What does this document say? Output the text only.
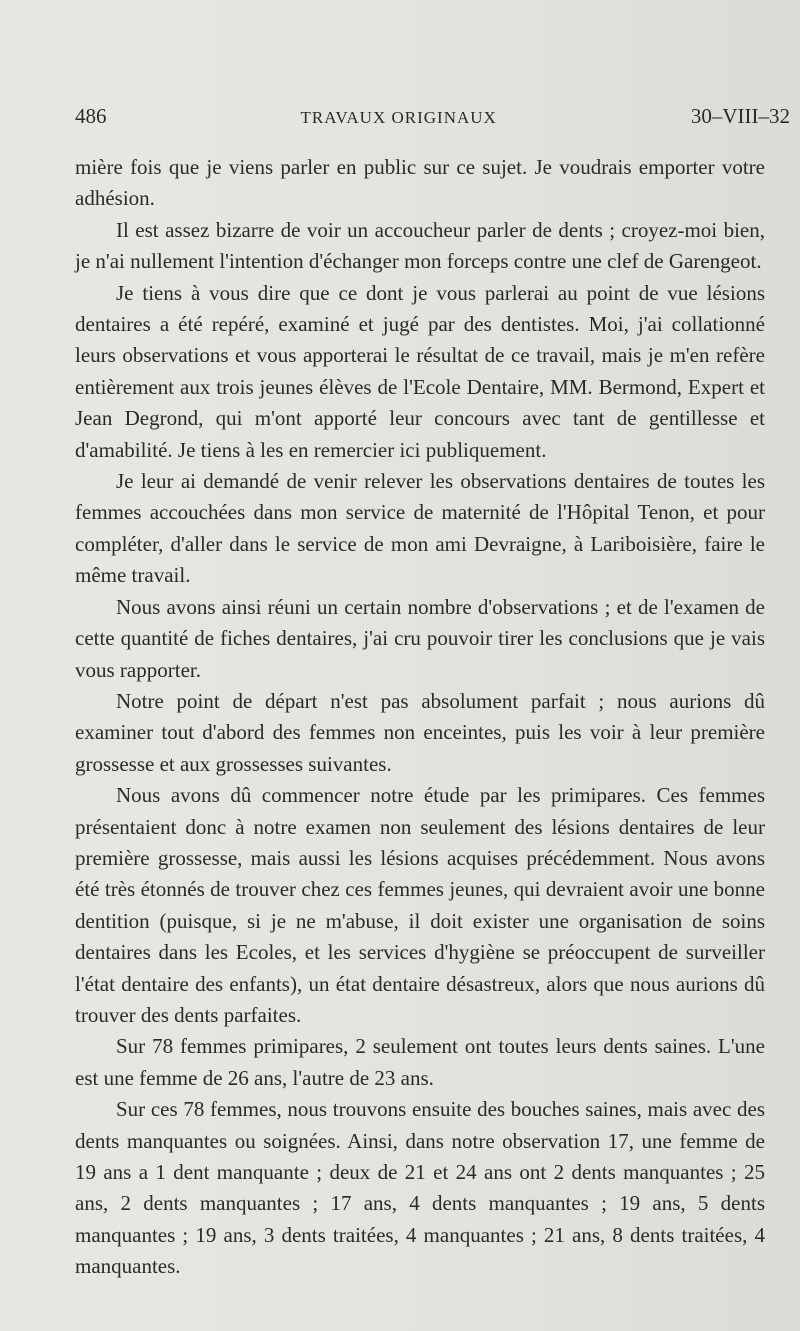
486	TRAVAUX ORIGINAUX	30–VIII–32

mière fois que je viens parler en public sur ce sujet. Je voudrais emporter votre adhésion.

Il est assez bizarre de voir un accoucheur parler de dents ; croyez-moi bien, je n'ai nullement l'intention d'échanger mon forceps contre une clef de Garengeot.

Je tiens à vous dire que ce dont je vous parlerai au point de vue lésions dentaires a été repéré, examiné et jugé par des dentistes. Moi, j'ai collationné leurs observations et vous apporterai le résultat de ce travail, mais je m'en refère entièrement aux trois jeunes élèves de l'Ecole Dentaire, MM. Bermond, Expert et Jean Degrond, qui m'ont apporté leur concours avec tant de gentillesse et d'amabilité. Je tiens à les en remercier ici publiquement.

Je leur ai demandé de venir relever les observations dentaires de toutes les femmes accouchées dans mon service de maternité de l'Hôpital Tenon, et pour compléter, d'aller dans le service de mon ami Devraigne, à Lariboisière, faire le même travail.

Nous avons ainsi réuni un certain nombre d'observations ; et de l'examen de cette quantité de fiches dentaires, j'ai cru pouvoir tirer les conclusions que je vais vous rapporter.

Notre point de départ n'est pas absolument parfait ; nous aurions dû examiner tout d'abord des femmes non enceintes, puis les voir à leur première grossesse et aux grossesses suivantes.

Nous avons dû commencer notre étude par les primipares. Ces femmes présentaient donc à notre examen non seulement des lésions dentaires de leur première grossesse, mais aussi les lésions acquises précédemment. Nous avons été très étonnés de trouver chez ces femmes jeunes, qui devraient avoir une bonne dentition (puisque, si je ne m'abuse, il doit exister une organisation de soins dentaires dans les Ecoles, et les services d'hygiène se préoccupent de surveiller l'état dentaire des enfants), un état dentaire désastreux, alors que nous aurions dû trouver des dents parfaites.

Sur 78 femmes primipares, 2 seulement ont toutes leurs dents saines. L'une est une femme de 26 ans, l'autre de 23 ans.

Sur ces 78 femmes, nous trouvons ensuite des bouches saines, mais avec des dents manquantes ou soignées. Ainsi, dans notre observation 17, une femme de 19 ans a 1 dent manquante ; deux de 21 et 24 ans ont 2 dents manquantes ; 25 ans, 2 dents manquantes ; 17 ans, 4 dents manquantes ; 19 ans, 5 dents manquantes ; 19 ans, 3 dents traitées, 4 manquantes ; 21 ans, 8 dents traitées, 4 manquantes.
